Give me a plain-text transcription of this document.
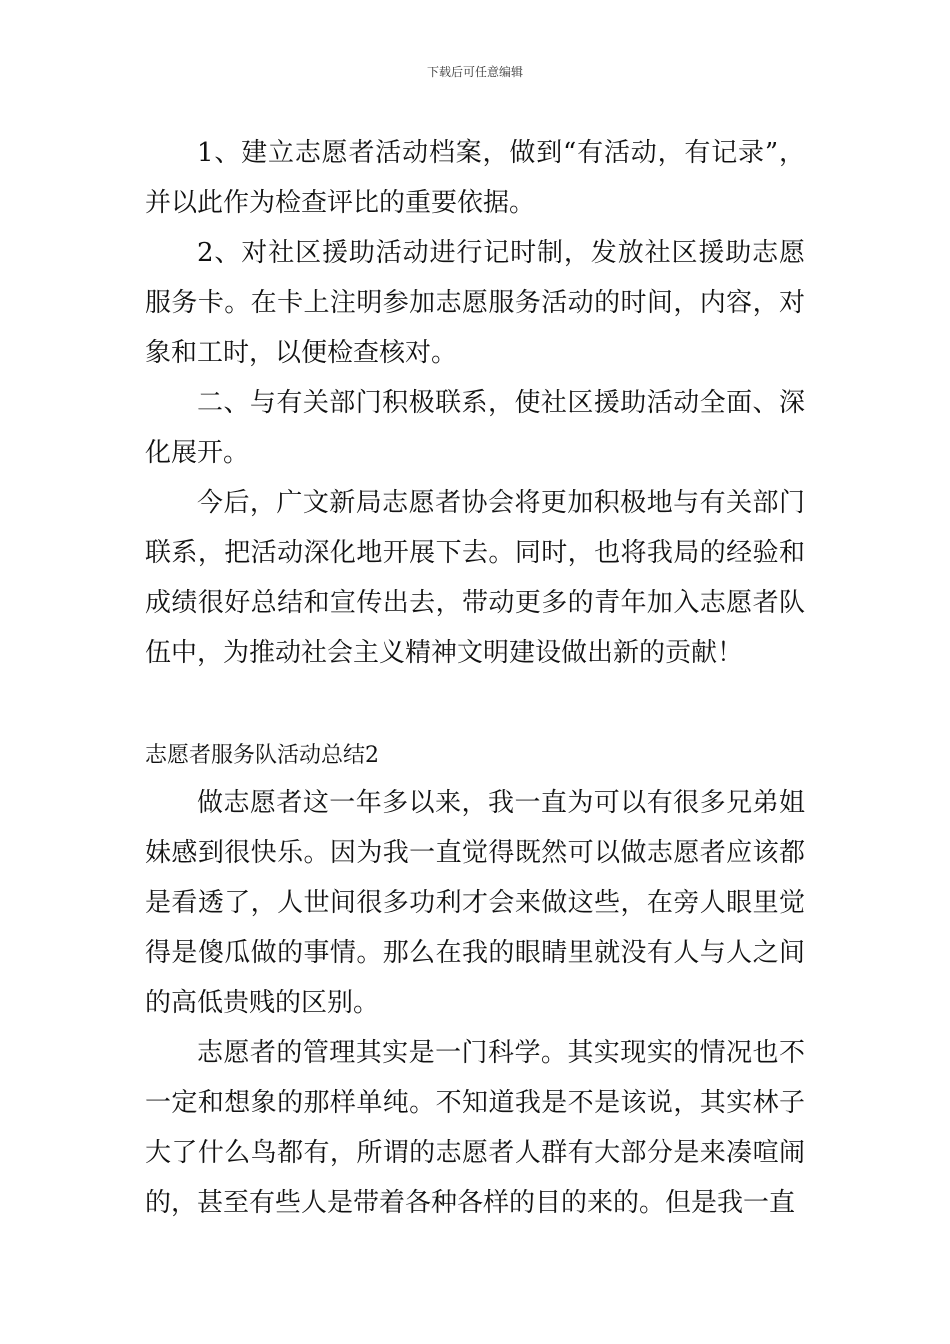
下载后可任意编辑

1、建立志愿者活动档案，做到“有活动，有记录”，并以此作为检查评比的重要依据。

2、对社区援助活动进行记时制，发放社区援助志愿服务卡。在卡上注明参加志愿服务活动的时间，内容，对象和工时，以便检查核对。

二、与有关部门积极联系，使社区援助活动全面、深化展开。

今后，广文新局志愿者协会将更加积极地与有关部门联系，把活动深化地开展下去。同时，也将我局的经验和成绩很好总结和宣传出去，带动更多的青年加入志愿者队伍中，为推动社会主义精神文明建设做出新的贡献！

志愿者服务队活动总结2

做志愿者这一年多以来，我一直为可以有很多兄弟姐妹感到很快乐。因为我一直觉得既然可以做志愿者应该都是看透了，人世间很多功利才会来做这些，在旁人眼里觉得是傻瓜做的事情。那么在我的眼睛里就没有人与人之间的高低贵贱的区别。

志愿者的管理其实是一门科学。其实现实的情况也不一定和想象的那样单纯。不知道我是不是该说，其实林子大了什么鸟都有，所谓的志愿者人群有大部分是来凑喧闹的，甚至有些人是带着各种各样的目的来的。但是我一直
